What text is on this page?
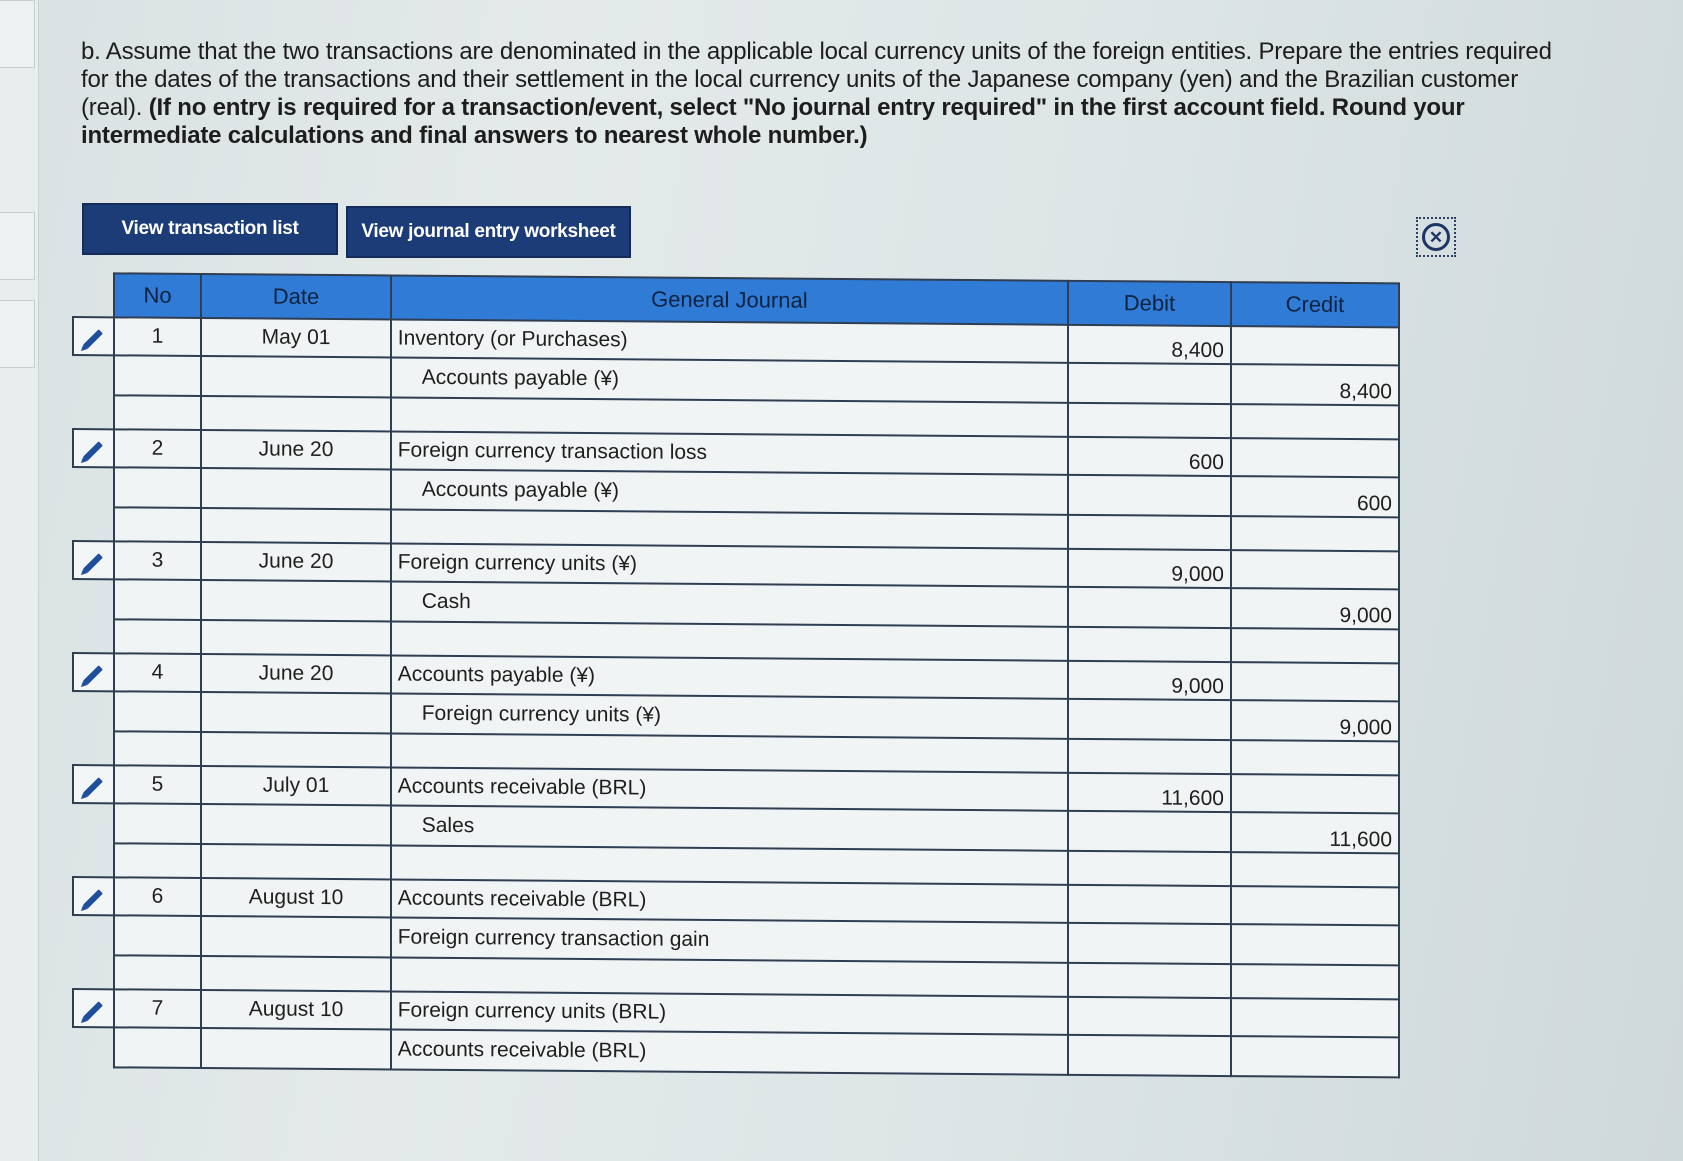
b. Assume that the two transactions are denominated in the applicable local currency units of the foreign entities. Prepare the entries required for the dates of the transactions and their settlement in the local currency units of the Japanese company (yen) and the Brazilian customer (real). (If no entry is required for a transaction/event, select "No journal entry required" in the first account field. Round your intermediate calculations and final answers to nearest whole number.)
View transaction list	View journal entry worksheet	✕
	No	Date	General Journal	Debit	Credit
	1	May 01	Inventory (or Purchases)	8,400	
			Accounts payable (¥)		8,400

	2	June 20	Foreign currency transaction loss	600	
			Accounts payable (¥)		600

	3	June 20	Foreign currency units (¥)	9,000	
			Cash		9,000

	4	June 20	Accounts payable (¥)	9,000	
			Foreign currency units (¥)		9,000

	5	July 01	Accounts receivable (BRL)	11,600	
			Sales		11,600

	6	August 10	Accounts receivable (BRL)		
			Foreign currency transaction gain		

	7	August 10	Foreign currency units (BRL)		
			Accounts receivable (BRL)		
